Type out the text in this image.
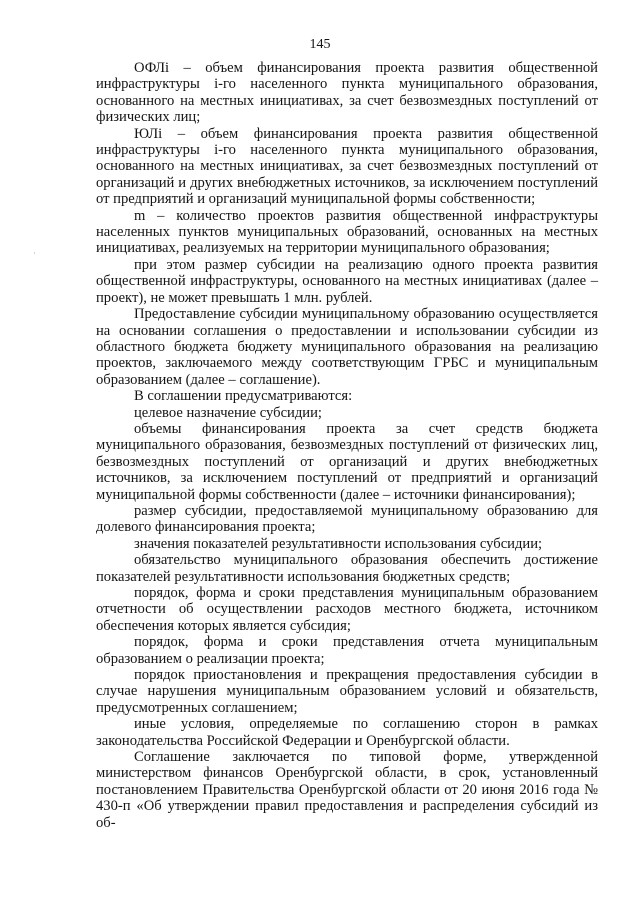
145
·

ОФЛi – объем финансирования проекта развития общественной инфраструктуры i-го населенного пункта муниципального образования, основанного на местных инициативах, за счет безвозмездных поступлений от физических лиц;

ЮЛi – объем финансирования проекта развития общественной инфраструктуры i-го населенного пункта муниципального образования, основанного на местных инициативах, за счет безвозмездных поступлений от организаций и других внебюджетных источников, за исключением поступлений от предприятий и организаций муниципальной формы собственности;

m – количество проектов развития общественной инфраструктуры населенных пунктов муниципальных образований, основанных на местных инициативах, реализуемых на территории муниципального образования;

при этом размер субсидии на реализацию одного проекта развития общественной инфраструктуры, основанного на местных инициативах (далее – проект), не может превышать 1 млн. рублей.

Предоставление субсидии муниципальному образованию осуществляется на основании соглашения о предоставлении и использовании субсидии из областного бюджета бюджету муниципального образования на реализацию проектов, заключаемого между соответствующим ГРБС и муниципальным образованием (далее – соглашение).

В соглашении предусматриваются:

целевое назначение субсидии;

объемы финансирования проекта за счет средств бюджета муниципального образования, безвозмездных поступлений от физических лиц, безвозмездных поступлений от организаций и других внебюджетных источников, за исключением поступлений от предприятий и организаций муниципальной формы собственности (далее – источники финансирования);

размер субсидии, предоставляемой муниципальному образованию для долевого финансирования проекта;

значения показателей результативности использования субсидии;

обязательство муниципального образования обеспечить достижение показателей результативности использования бюджетных средств;

порядок, форма и сроки представления муниципальным образованием отчетности об осуществлении расходов местного бюджета, источником обеспечения которых является субсидия;

порядок, форма и сроки представления отчета муниципальным образованием о реализации проекта;

порядок приостановления и прекращения предоставления субсидии в случае нарушения муниципальным образованием условий и обязательств, предусмотренных соглашением;

иные условия, определяемые по соглашению сторон в рамках законодательства Российской Федерации и Оренбургской области.

Соглашение заключается по типовой форме, утвержденной министерством финансов Оренбургской области, в срок, установленный постановлением Правительства Оренбургской области от 20 июня 2016 года № 430-п «Об утверждении правил предоставления и распределения субсидий из об-
